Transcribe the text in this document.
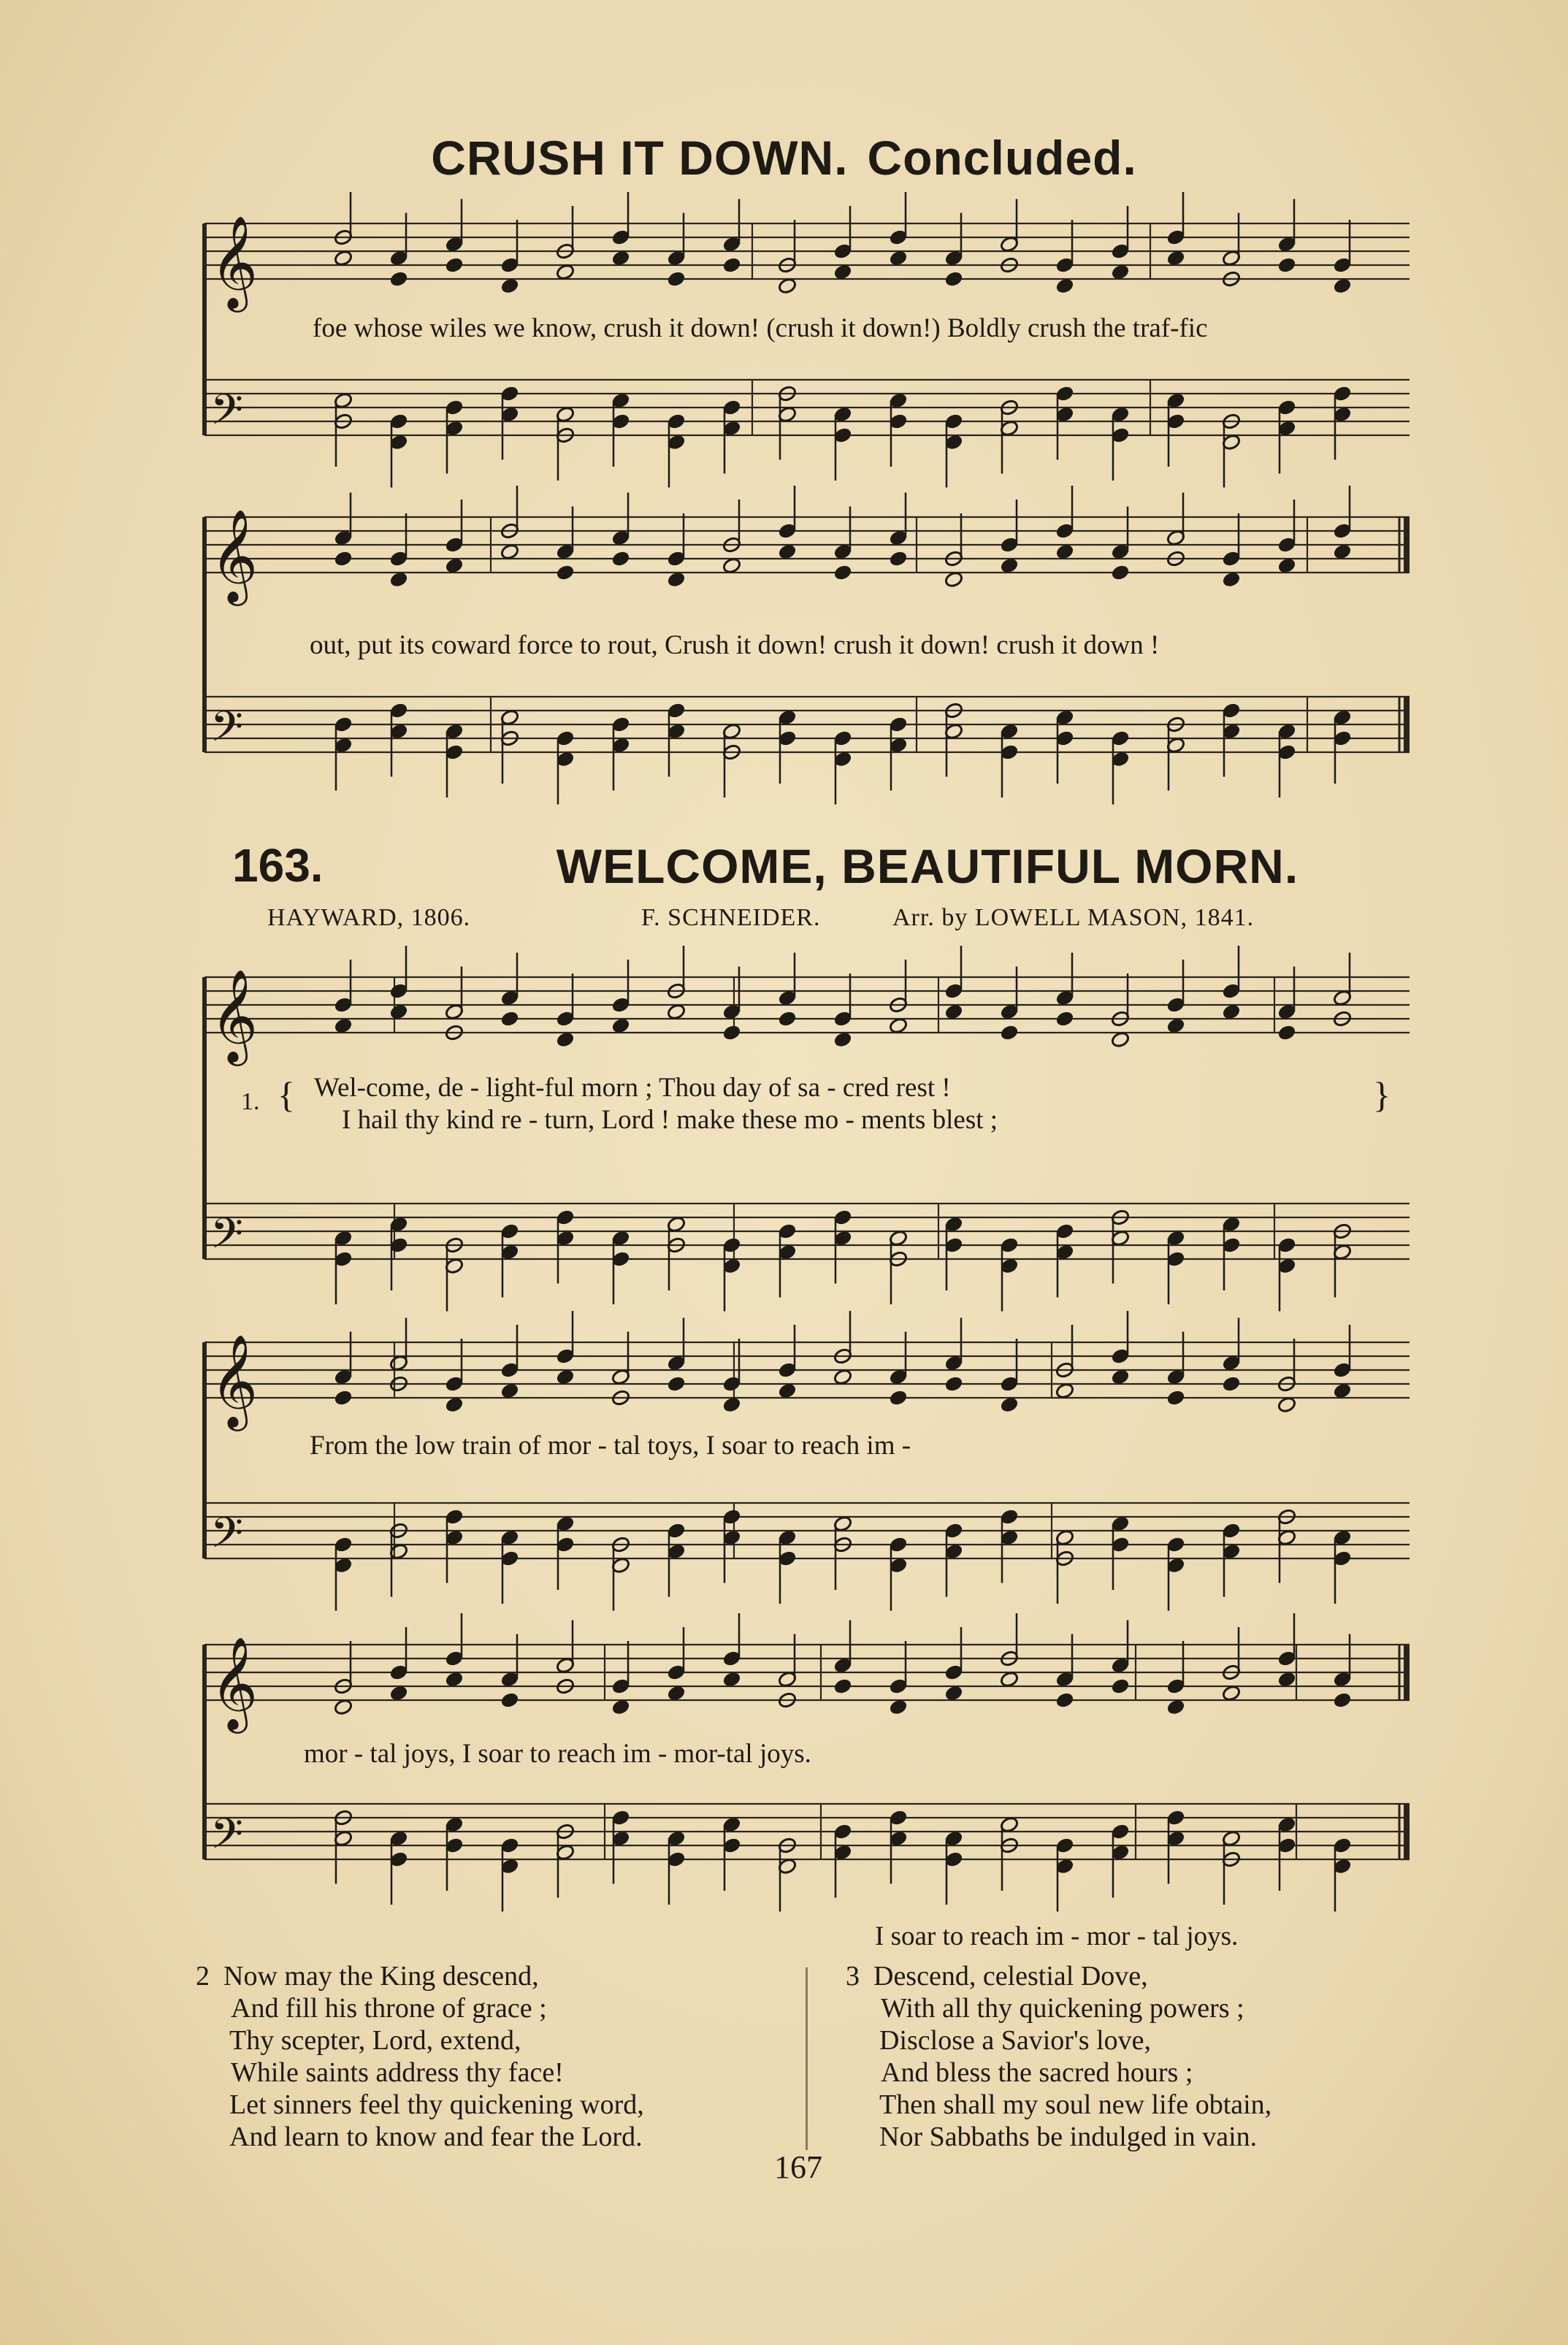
𝄞
𝄢
𝄞
𝄢
𝄞
𝄢
𝄞
𝄢
𝄞
𝄢
CRUSH IT DOWN. Concluded.
foe whose wiles we know, crush it down! (crush it down!) Boldly crush the traf-fic
out, put its coward force to rout, Crush it down! crush it down! crush it down !
163.	WELCOME, BEAUTIFUL MORN.
HAYWARD, 1806.	F. SCHNEIDER.	Arr. by LOWELL MASON, 1841.
1. { Wel-come, de - light-ful morn ; Thou day of sa - cred rest !
I hail thy kind re - turn, Lord ! make these mo - ments blest ;
}
From the low train of mor - tal toys, I soar to reach im -
mor - tal joys, I soar to reach im - mor-tal joys.
I soar to reach im - mor - tal joys.
2 Now may the King descend,
And fill his throne of grace ;
Thy scepter, Lord, extend,
While saints address thy face!
Let sinners feel thy quickening word,
And learn to know and fear the Lord.
3 Descend, celestial Dove,
With all thy quickening powers ;
Disclose a Savior's love,
And bless the sacred hours ;
Then shall my soul new life obtain,
Nor Sabbaths be indulged in vain.
167
